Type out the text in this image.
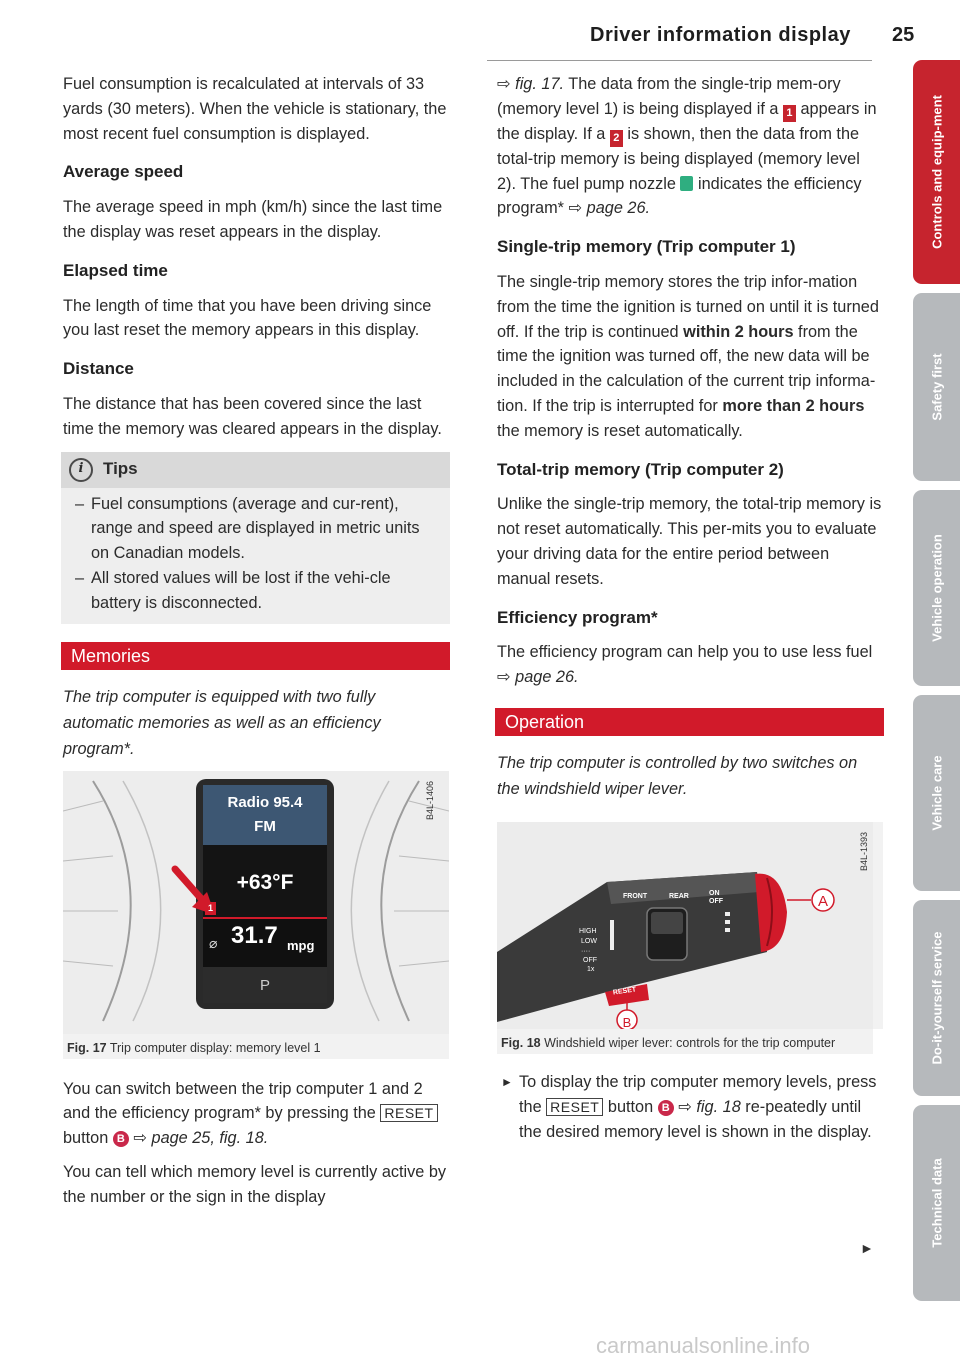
Driver information display 25

Fuel consumption is recalculated at intervals of 33 yards (30 meters). When the vehicle is stationary, the most recent fuel consumption is displayed.

Average speed

The average speed in mph (km/h) since the last time the display was reset appears in the display.

Elapsed time

The length of time that you have been driving since you last reset the memory appears in this display.

Distance

The distance that has been covered since the last time the memory was cleared appears in the display.

i	Tips
– Fuel consumptions (average and cur-rent), range and speed are displayed in metric units on Canadian models.
– All stored values will be lost if the vehi-cle battery is disconnected.
Memories

The trip computer is equipped with two fully automatic memories as well as an efficiency program*.

Radio 95.4
FM
+63°F
1
⌀ 31.7 mpg
P
B4L-1406
Fig. 17 Trip computer display: memory level 1

You can switch between the trip computer 1 and 2 and the efficiency program* by pressing the RESET button B ⇨ page 25, fig. 18.

You can tell which memory level is currently active by the number or the sign in the display

⇨ fig. 17. The data from the single-trip mem-ory (memory level 1) is being displayed if a 1 appears in the display. If a 2 is shown, then the data from the total-trip memory is being displayed (memory level 2). The fuel pump nozzle indicates the efficiency program* ⇨ page 26.

Single-trip memory (Trip computer 1)

The single-trip memory stores the trip infor-mation from the time the ignition is turned on until it is turned off. If the trip is continued within 2 hours from the time the ignition was turned off, the new data will be included in the calculation of the current trip informa-tion. If the trip is interrupted for more than 2 hours the memory is reset automatically.

Total-trip memory (Trip computer 2)

Unlike the single-trip memory, the total-trip memory is not reset automatically. This per-mits you to evaluate your driving data for the entire period between manual resets.

Efficiency program*

The efficiency program can help you to use less fuel ⇨ page 26.

Operation

The trip computer is controlled by two switches on the windshield wiper lever.

FRONT	REAR	ON
OFF
HIGH
LOW
····
OFF
1x
RESET
A
B
B4L-1393
Fig. 18 Windshield wiper lever: controls for the trip computer

► To display the trip computer memory levels, press the RESET button B ⇨ fig. 18 re-peatedly until the desired memory level is shown in the display.

►
Controls and equip-ment
Safety first
Vehicle operation
Vehicle care
Do-it-yourself service
Technical data
carmanualsonline.info
